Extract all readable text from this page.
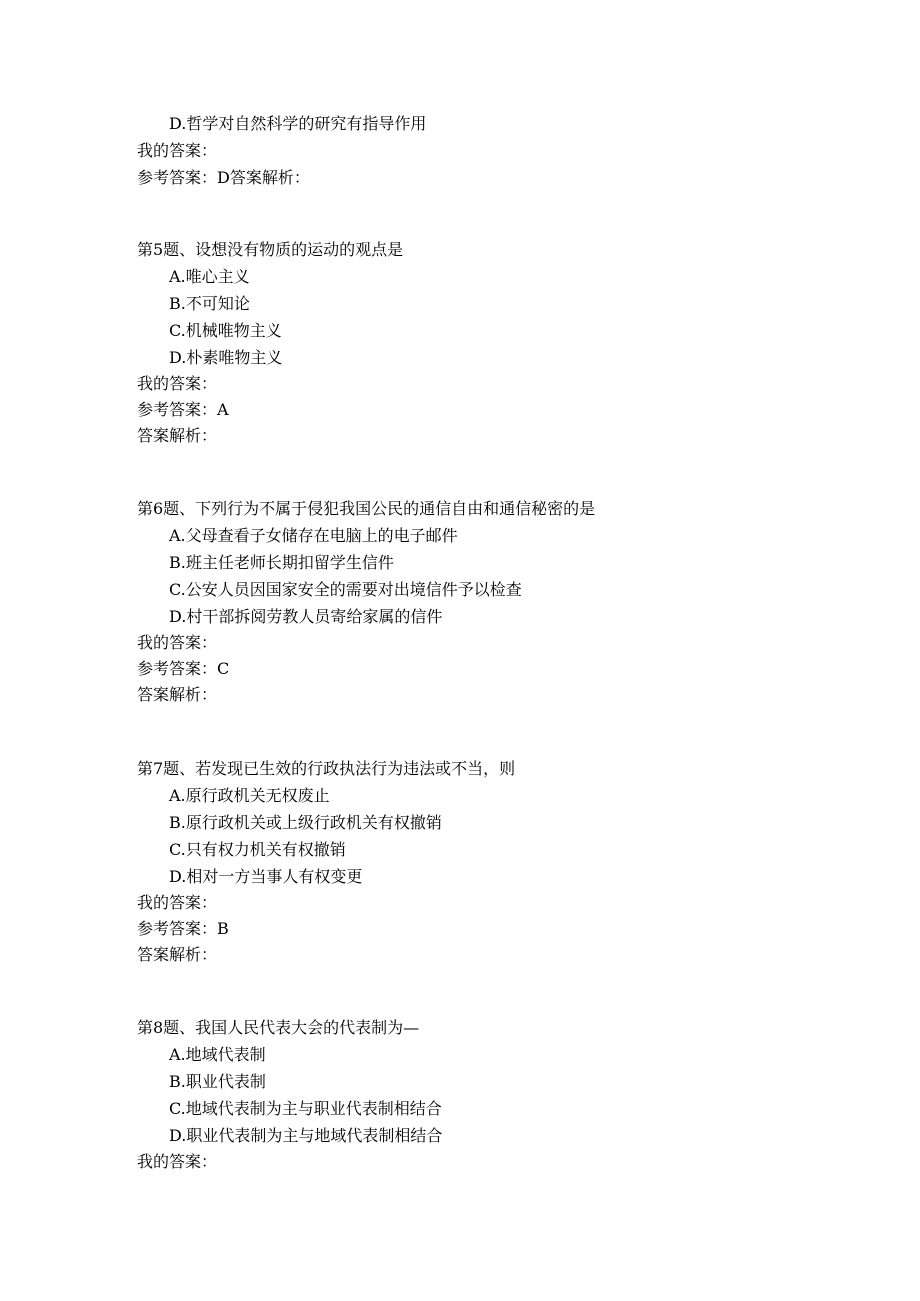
D.哲学对自然科学的研究有指导作用
我的答案：
参考答案：D答案解析：
第5题、设想没有物质的运动的观点是
A.唯心主义
B.不可知论
C.机械唯物主义
D.朴素唯物主义
我的答案：
参考答案：A
答案解析：
第6题、下列行为不属于侵犯我国公民的通信自由和通信秘密的是
A.父母查看子女储存在电脑上的电子邮件
B.班主任老师长期扣留学生信件
C.公安人员因国家安全的需要对出境信件予以检查
D.村干部拆阅劳教人员寄给家属的信件
我的答案：
参考答案：C
答案解析：
第7题、若发现已生效的行政执法行为违法或不当，则
A.原行政机关无权废止
B.原行政机关或上级行政机关有权撤销
C.只有权力机关有权撤销
D.相对一方当事人有权变更
我的答案：
参考答案：B
答案解析：
第8题、我国人民代表大会的代表制为—
A.地域代表制
B.职业代表制
C.地域代表制为主与职业代表制相结合
D.职业代表制为主与地域代表制相结合
我的答案：
